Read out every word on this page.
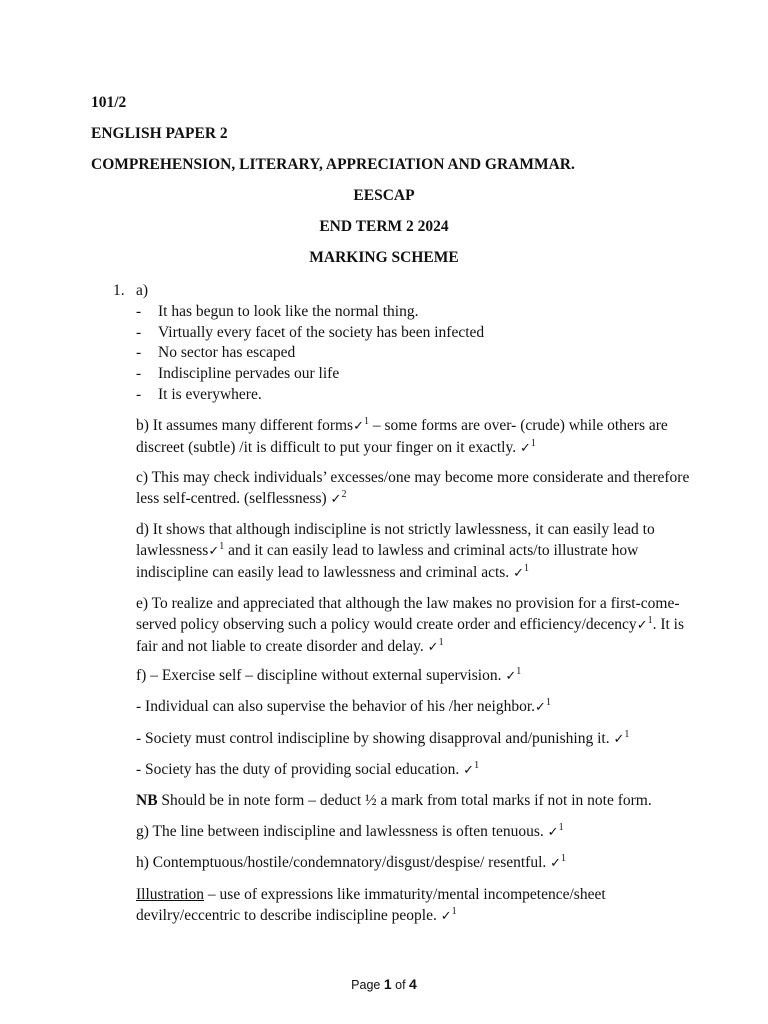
101/2
ENGLISH PAPER 2
COMPREHENSION, LITERARY, APPRECIATION AND GRAMMAR.
EESCAP
END TERM 2 2024
MARKING SCHEME
1. a)
- It has begun to look like the normal thing.
- Virtually every facet of the society has been infected
- No sector has escaped
- Indiscipline pervades our life
- It is everywhere.
b) It assumes many different forms✓$^1$ – some forms are over- (crude) while others are discreet (subtle) /it is difficult to put your finger on it exactly. ✓$^1$
c) This may check individuals’ excesses/one may become more considerate and therefore less self-centred. (selflessness) ✓$^2$
d) It shows that although indiscipline is not strictly lawlessness, it can easily lead to lawlessness✓$^1$ and it can easily lead to lawless and criminal acts/to illustrate how indiscipline can easily lead to lawlessness and criminal acts. ✓$^1$
e) To realize and appreciated that although the law makes no provision for a first-come-served policy observing such a policy would create order and efficiency/decency✓$^1$. It is fair and not liable to create disorder and delay. ✓$^1$
f) – Exercise self – discipline without external supervision. ✓$^1$
- Individual can also supervise the behavior of his /her neighbor.✓$^1$
- Society must control indiscipline by showing disapproval and/punishing it. ✓$^1$
- Society has the duty of providing social education. ✓$^1$
NB Should be in note form – deduct ½ a mark from total marks if not in note form.
g) The line between indiscipline and lawlessness is often tenuous. ✓$^1$
h) Contemptuous/hostile/condemnatory/disgust/despise/ resentful. ✓$^1$
Illustration – use of expressions like immaturity/mental incompetence/sheet devilry/eccentric to describe indiscipline people. ✓$^1$
Page 1 of 4
